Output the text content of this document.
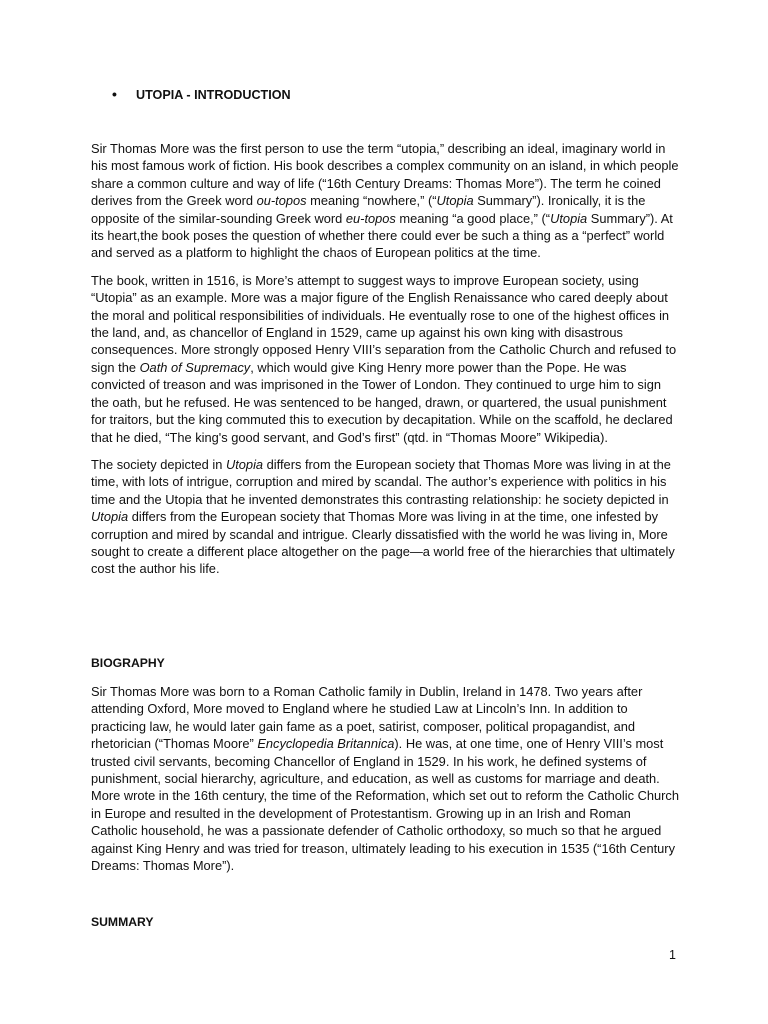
• UTOPIA - INTRODUCTION

Sir Thomas More was the first person to use the term “utopia,” describing an ideal, imaginary world in his most famous work of fiction. His book describes a complex community on an island, in which people share a common culture and way of life (“16th Century Dreams: Thomas More”). The term he coined derives from the Greek word ou-topos meaning “nowhere,” (“Utopia Summary”). Ironically, it is the opposite of the similar-sounding Greek word eu-topos meaning “a good place,” (“Utopia Summary”). At its heart,the book poses the question of whether there could ever be such a thing as a “perfect” world and served as a platform to highlight the chaos of European politics at the time.

The book, written in 1516, is More’s attempt to suggest ways to improve European society, using “Utopia” as an example. More was a major figure of the English Renaissance who cared deeply about the moral and political responsibilities of individuals. He eventually rose to one of the highest offices in the land, and, as chancellor of England in 1529, came up against his own king with disastrous consequences. More strongly opposed Henry VIII’s separation from the Catholic Church and refused to sign the Oath of Supremacy, which would give King Henry more power than the Pope. He was convicted of treason and was imprisoned in the Tower of London. They continued to urge him to sign the oath, but he refused. He was sentenced to be hanged, drawn, or quartered, the usual punishment for traitors, but the king commuted this to execution by decapitation. While on the scaffold, he declared that he died, “The king's good servant, and God’s first” (qtd. in “Thomas Moore” Wikipedia).

The society depicted in Utopia differs from the European society that Thomas More was living in at the time, with lots of intrigue, corruption and mired by scandal. The author’s experience with politics in his time and the Utopia that he invented demonstrates this contrasting relationship: he society depicted in Utopia differs from the European society that Thomas More was living in at the time, one infested by corruption and mired by scandal and intrigue. Clearly dissatisfied with the world he was living in, More sought to create a different place altogether on the page—a world free of the hierarchies that ultimately cost the author his life.

BIOGRAPHY

Sir Thomas More was born to a Roman Catholic family in Dublin, Ireland in 1478. Two years after attending Oxford, More moved to England where he studied Law at Lincoln’s Inn. In addition to practicing law, he would later gain fame as a poet, satirist, composer, political propagandist, and rhetorician (“Thomas Moore” Encyclopedia Britannica). He was, at one time, one of Henry VIII’s most trusted civil servants, becoming Chancellor of England in 1529. In his work, he defined systems of punishment, social hierarchy, agriculture, and education, as well as customs for marriage and death. More wrote in the 16th century, the time of the Reformation, which set out to reform the Catholic Church in Europe and resulted in the development of Protestantism. Growing up in an Irish and Roman Catholic household, he was a passionate defender of Catholic orthodoxy, so much so that he argued against King Henry and was tried for treason, ultimately leading to his execution in 1535 (“16th Century Dreams: Thomas More”).

SUMMARY
1
